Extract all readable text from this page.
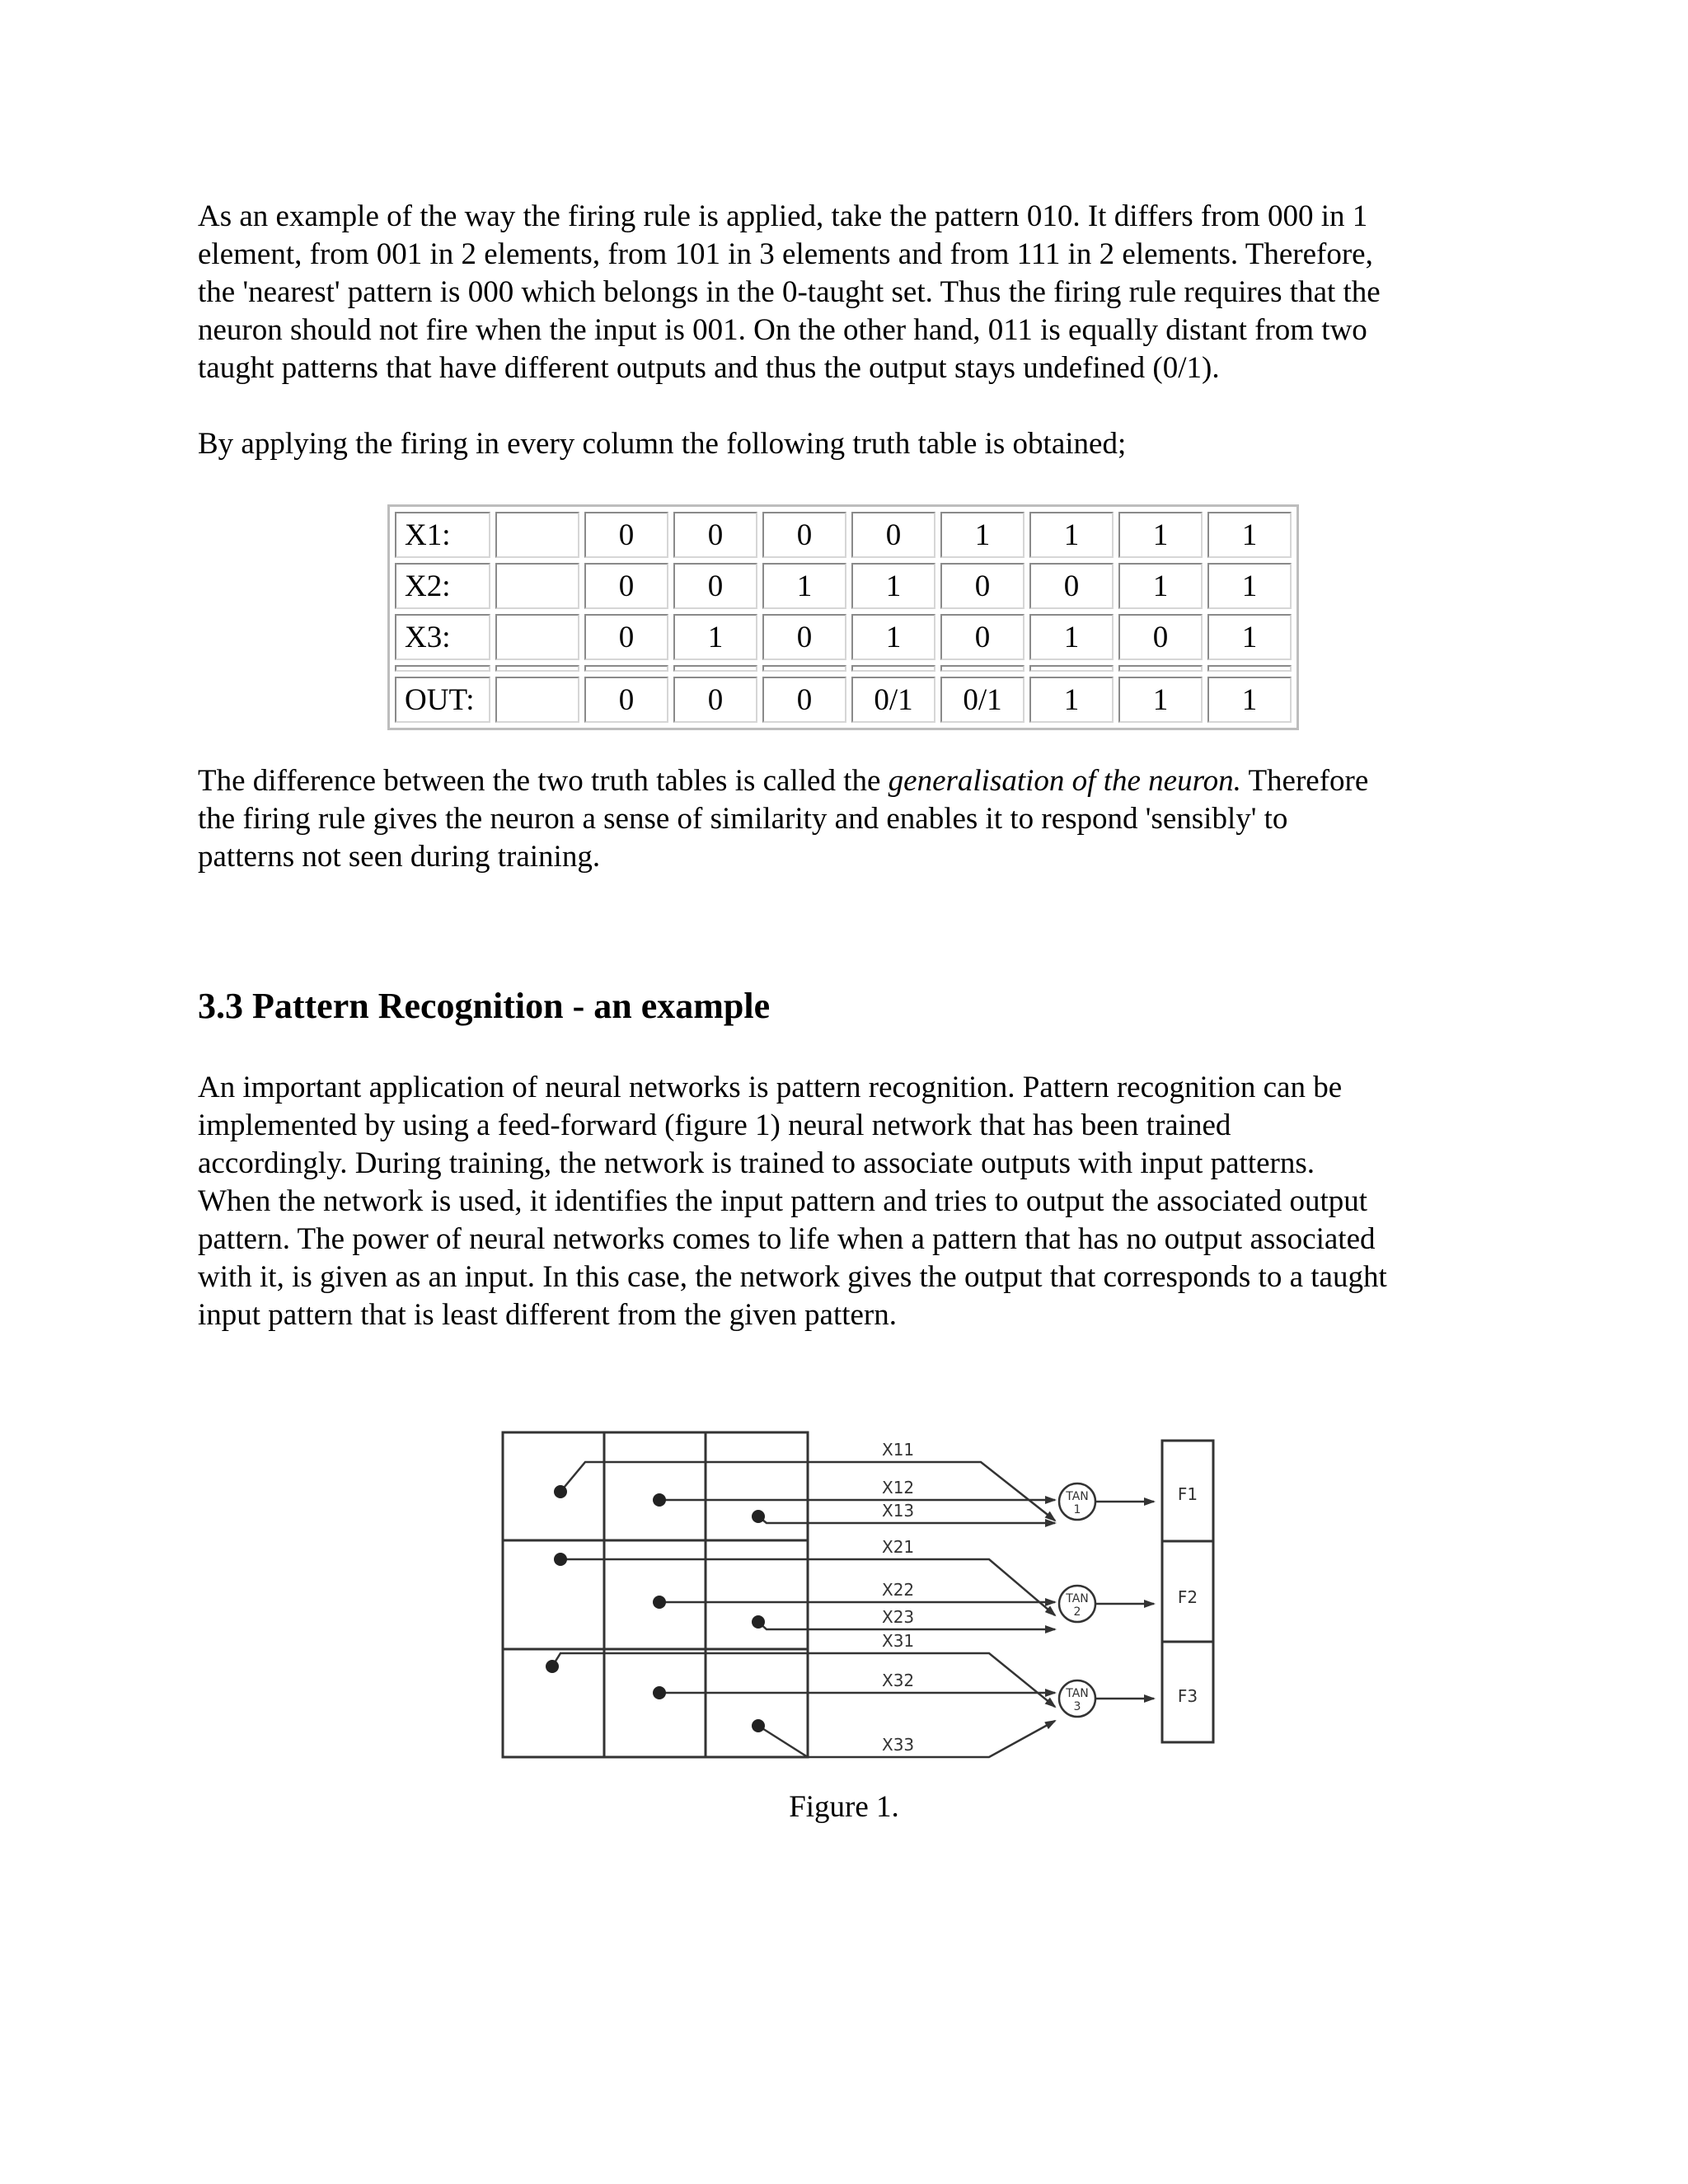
As an example of the way the firing rule is applied, take the pattern 010. It differs from 000 in 1
element, from 001 in 2 elements, from 101 in 3 elements and from 111 in 2 elements. Therefore,
the 'nearest' pattern is 000 which belongs in the 0-taught set. Thus the firing rule requires that the
neuron should not fire when the input is 001. On the other hand, 011 is equally distant from two
taught patterns that have different outputs and thus the output stays undefined (0/1).

By applying the firing in every column the following truth table is obtained;

X1:		0	0	0	0	1	1	1	1
X2:		0	0	1	1	0	0	1	1
X3:		0	1	0	1	0	1	0	1

OUT:		0	0	0	0/1	0/1	1	1	1

The difference between the two truth tables is called the generalisation of the neuron. Therefore
the firing rule gives the neuron a sense of similarity and enables it to respond 'sensibly' to
patterns not seen during training.

3.3 Pattern Recognition - an example

An important application of neural networks is pattern recognition. Pattern recognition can be
implemented by using a feed-forward (figure 1) neural network that has been trained
accordingly. During training, the network is trained to associate outputs with input patterns.
When the network is used, it identifies the input pattern and tries to output the associated output
pattern. The power of neural networks comes to life when a pattern that has no output associated
with it, is given as an input. In this case, the network gives the output that corresponds to a taught
input pattern that is least different from the given pattern.

X11
X12
X13
X21
X22
X23
X31
X32
X33
TAN
1
TAN
2
TAN
3
F1
F2
F3
Figure 1.
